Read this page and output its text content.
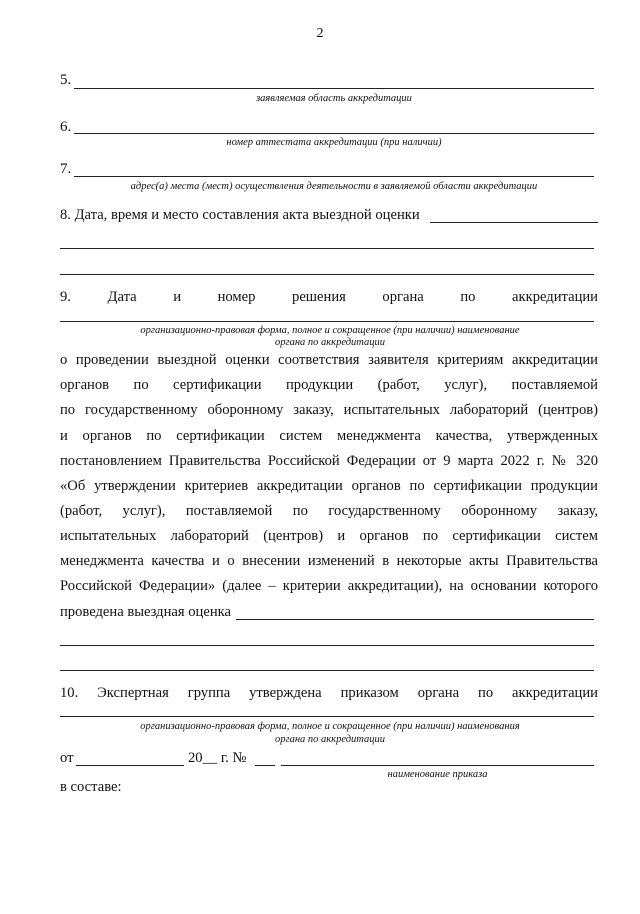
2
5.
заявляемая область аккредитации
6.
номер аттестата аккредитации (при наличии)
7.
адрес(а) места (мест) осуществления деятельности в заявляемой области аккредитации
8. Дата, время и место составления акта выездной оценки
9. Дата и номер решения органа по аккредитации
организационно-правовая форма, полное и сокращенное (при наличии) наименование
органа по аккредитации
о проведении выездной оценки соответствия заявителя критериям аккредитации
органов по сертификации продукции (работ, услуг), поставляемой
по государственному оборонному заказу, испытательных лабораторий (центров)
и органов по сертификации систем менеджмента качества, утвержденных
постановлением Правительства Российской Федерации от 9 марта 2022 г. № 320
«Об утверждении критериев аккредитации органов по сертификации продукции
(работ, услуг), поставляемой по государственному оборонному заказу,
испытательных лабораторий (центров) и органов по сертификации систем
менеджмента качества и о внесении изменений в некоторые акты Правительства
Российской Федерации» (далее – критерии аккредитации), на основании которого
проведена выездная оценка
10. Экспертная группа утверждена приказом органа по аккредитации
организационно-правовая форма, полное и сокращенное (при наличии) наименования
органа по аккредитации
от	20__ г. №
наименование приказа
в составе:
